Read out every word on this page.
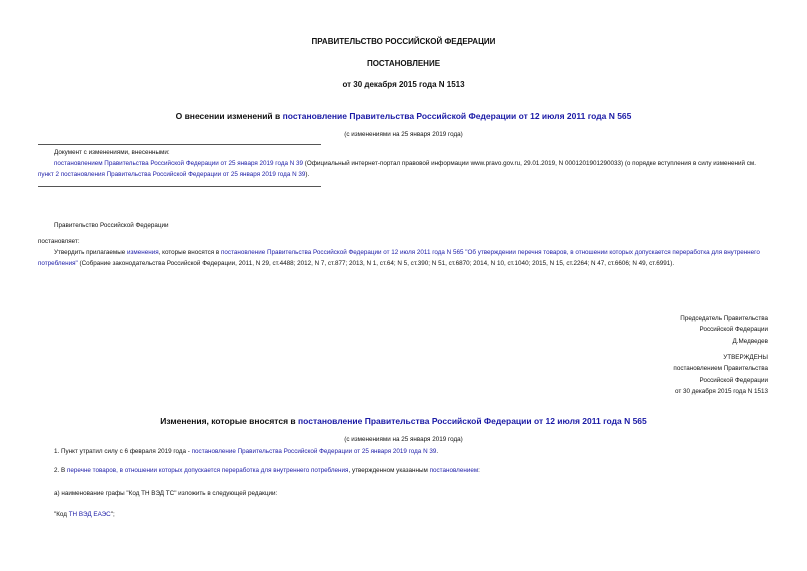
ПРАВИТЕЛЬСТВО РОССИЙСКОЙ ФЕДЕРАЦИИ
ПОСТАНОВЛЕНИЕ
от 30 декабря 2015 года N 1513
О внесении изменений в постановление Правительства Российской Федерации от 12 июля 2011 года N 565
(с изменениями на 25 января 2019 года)
Документ с изменениями, внесенными:
постановлением Правительства Российской Федерации от 25 января 2019 года N 39 (Официальный интернет-портал правовой информации www.pravo.gov.ru, 29.01.2019, N 0001201901290033) (о порядке вступления в силу изменений см. пункт 2 постановления Правительства Российской Федерации от 25 января 2019 года N 39).
Правительство Российской Федерации
постановляет:
Утвердить прилагаемые изменения, которые вносятся в постановление Правительства Российской Федерации от 12 июля 2011 года N 565 "Об утверждении перечня товаров, в отношении которых допускается переработка для внутреннего потребления" (Собрание законодательства Российской Федерации, 2011, N 29, ст.4488; 2012, N 7, ст.877; 2013, N 1, ст.64; N 5, ст.390; N 51, ст.6870; 2014, N 10, ст.1040; 2015, N 15, ст.2264; N 47, ст.6606; N 49, ст.6991).
Председатель Правительства
Российской Федерации
Д.Медведев
УТВЕРЖДЕНЫ
постановлением Правительства
Российской Федерации
от 30 декабря 2015 года N 1513
Изменения, которые вносятся в постановление Правительства Российской Федерации от 12 июля 2011 года N 565
(с изменениями на 25 января 2019 года)
1. Пункт утратил силу с 6 февраля 2019 года - постановление Правительства Российской Федерации от 25 января 2019 года N 39.
2. В перечне товаров, в отношении которых допускается переработка для внутреннего потребления, утвержденном указанным постановлением:
а) наименование графы "Код ТН ВЭД ТС" изложить в следующей редакции:
"Код ТН ВЭД ЕАЭС";
